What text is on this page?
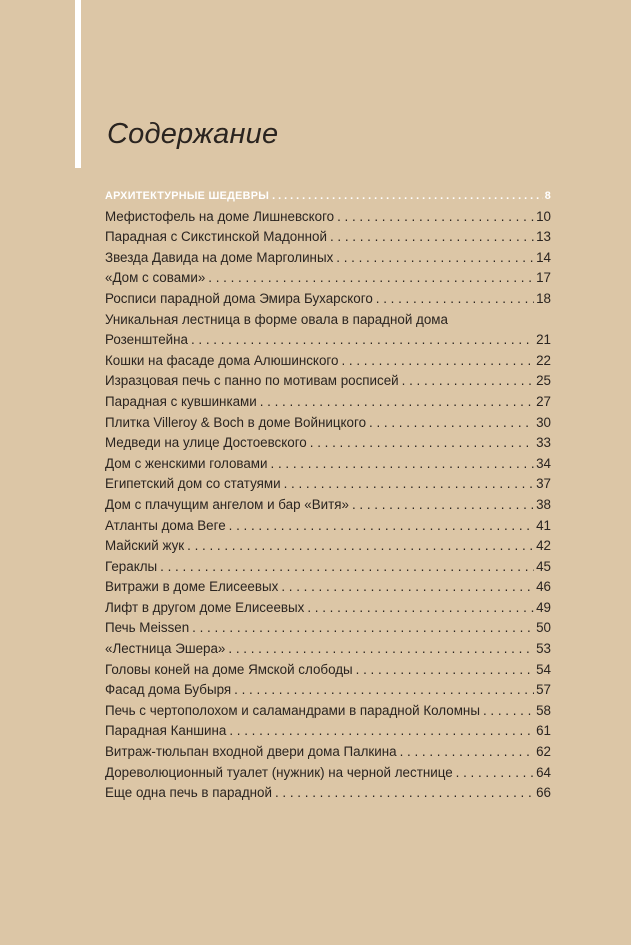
Содержание
АРХИТЕКТУРНЫЕ ШЕДЕВРЫ . . .	8
Мефистофель на доме Лишневского . . .	10
Парадная с Сикстинской Мадонной . . .	13
Звезда Давида на доме Марголиных . . .	14
«Дом с совами» . . .	17
Росписи парадной дома Эмира Бухарского . . .	18
Уникальная лестница в форме овала в парадной дома
Розенштейна . . .	21
Кошки на фасаде дома Алюшинского . . .	22
Изразцовая печь с панно по мотивам росписей . . .	25
Парадная с кувшинками . . .	27
Плитка Villeroy & Boch в доме Войницкого . . .	30
Медведи на улице Достоевского . . .	33
Дом с женскими головами . . .	34
Египетский дом со статуями . . .	37
Дом с плачущим ангелом и бар «Витя» . . .	38
Атланты дома Веге . . .	41
Майский жук . . .	42
Гераклы . . .	45
Витражи в доме Елисеевых . . .	46
Лифт в другом доме Елисеевых . . .	49
Печь Meissen . . .	50
«Лестница Эшера» . . .	53
Головы коней на доме Ямской слободы . . .	54
Фасад дома Бубыря . . .	57
Печь с чертополохом и саламандрами в парадной Коломны . . .	58
Парадная Каншина . . .	61
Витраж-тюльпан входной двери дома Палкина . . .	62
Дореволюционный туалет (нужник) на черной лестнице . . .	64
Еще одна печь в парадной . . .	66
